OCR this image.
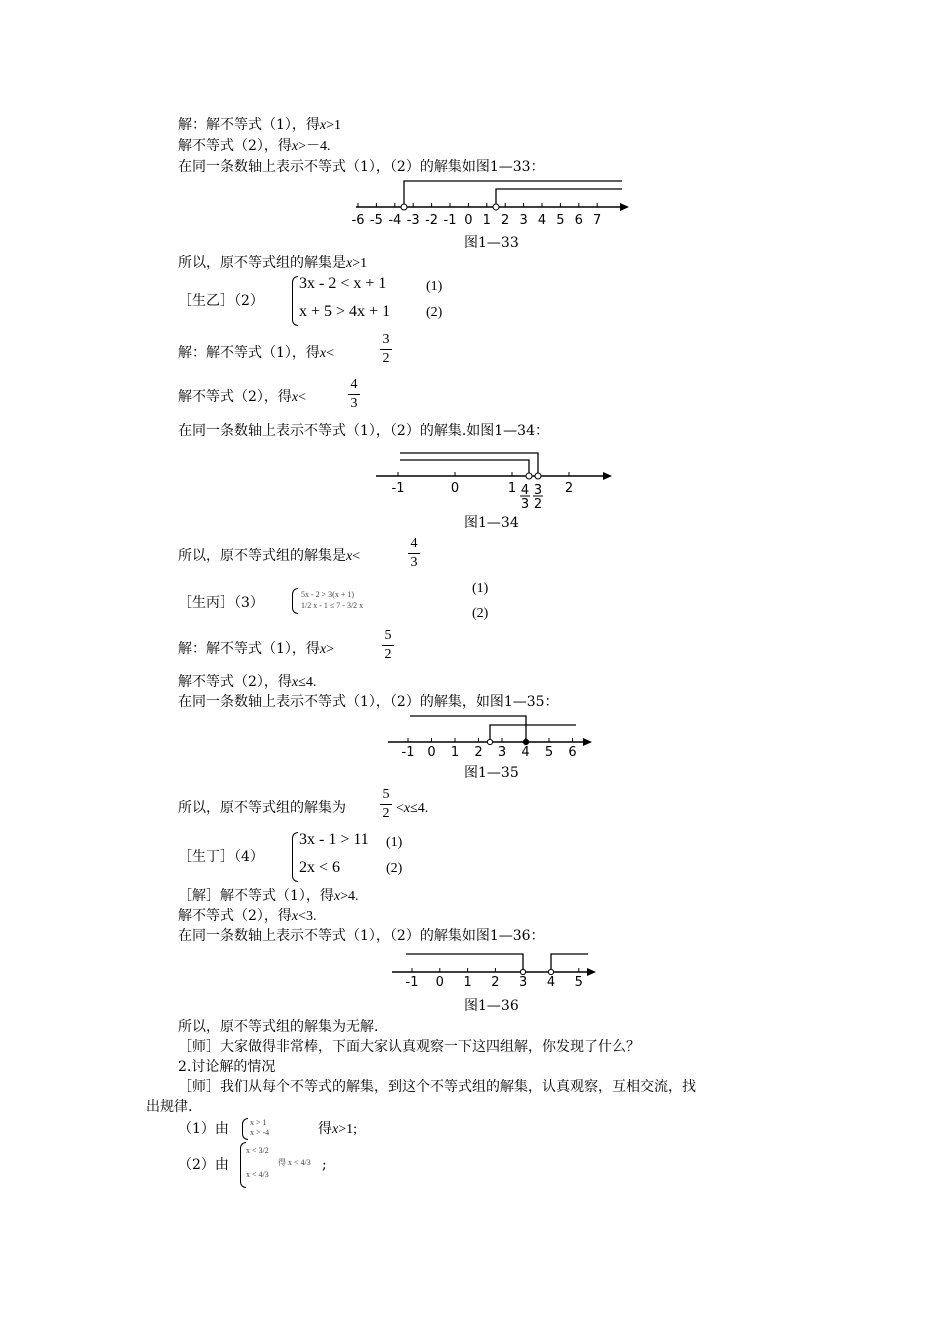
解：解不等式（1），得x>1
解不等式（2），得x>－4.
在同一条数轴上表示不等式（1），（2）的解集如图1—33：
-6 -5 -4 -3 -2 -1 0 1 2 3 4 5 6 7
图1—33
所以，原不等式组的解集是x>1
［生乙］（2）
3x - 2 < x + 1
x + 5 > 4x + 1
(1)
(2)
解：解不等式（1），得x<
3
2
解不等式（2），得x<
4
3
在同一条数轴上表示不等式（1），（2）的解集.如图1—34：
-1	0	1	2
4
3
3
2
图1—34
所以，原不等式组的解集是x<
4
3
［生丙］（3）
5x - 2 > 3(x + 1)
1/2 x - 1 ≤ 7 - 3/2 x
(1)
(2)
解：解不等式（1），得x>
5
2
解不等式（2），得x≤4.
在同一条数轴上表示不等式（1），（2）的解集，如图1—35：
-1 0 1 2 3 4 5 6
图1—35
所以，原不等式组的解集为
5
2 <x≤4.
［生丁］（4）
3x - 1 > 11
2x < 6
(1)
(2)
［解］解不等式（1），得x>4.
解不等式（2），得x<3.
在同一条数轴上表示不等式（1），（2）的解集如图1—36：
-1 0 1 2 3 4 5
图1—36
所以，原不等式组的解集为无解.
［师］大家做得非常棒，下面大家认真观察一下这四组解，你发现了什么？
2.讨论解的情况
［师］我们从每个不等式的解集，到这个不等式组的解集，认真观察，互相交流，找
出规律.
（1）由	x > 1
x > -4	得x>1;
（2）由
x < 3/2
x < 4/3
得 x < 4/3 ;
